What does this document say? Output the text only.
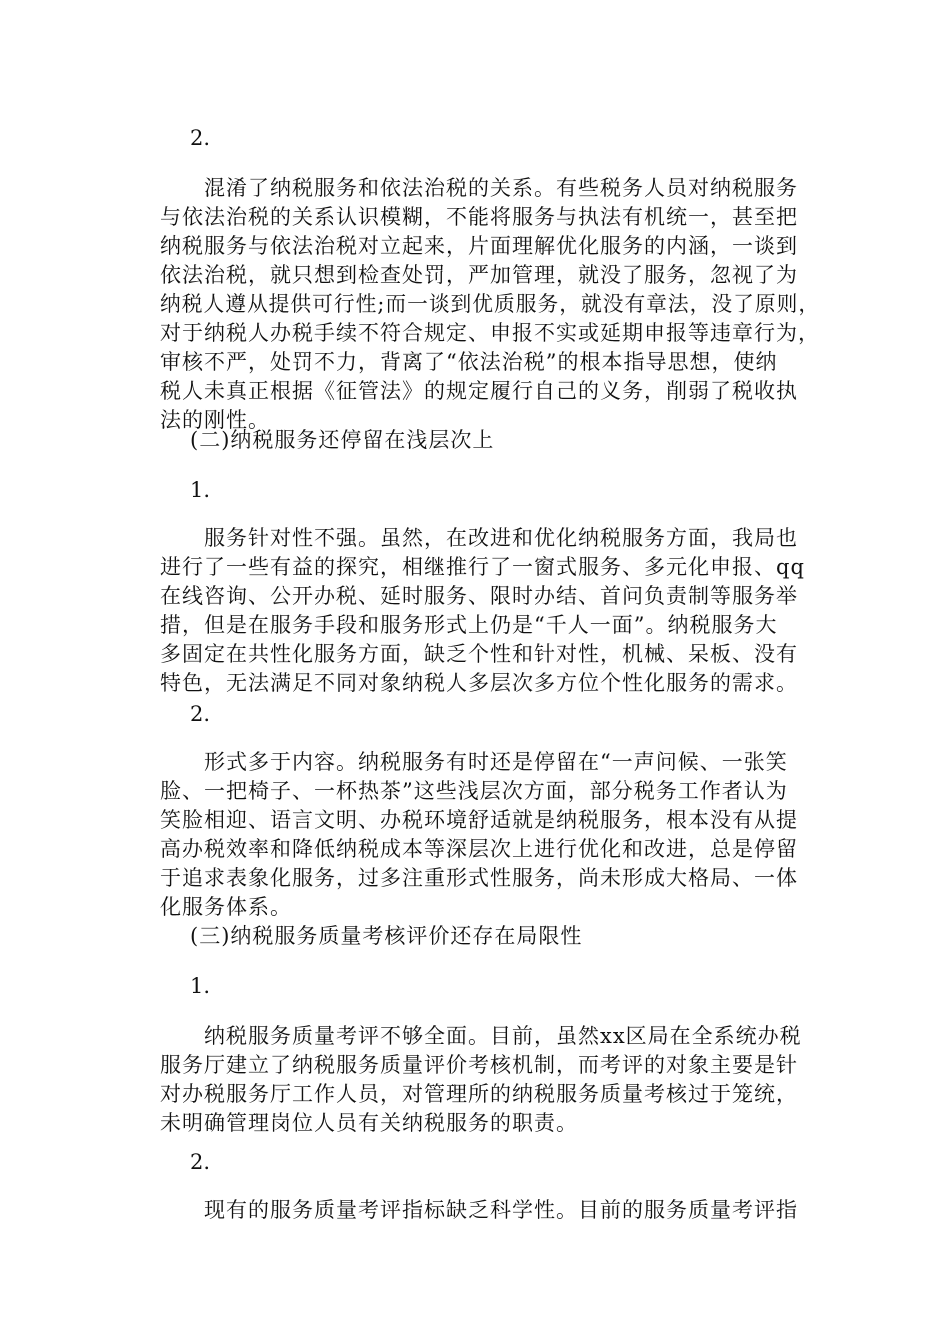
2.
　　混淆了纳税服务和依法治税的关系。有些税务人员对纳税服务
与依法治税的关系认识模糊，不能将服务与执法有机统一，甚至把
纳税服务与依法治税对立起来，片面理解优化服务的内涵，一谈到
依法治税，就只想到检查处罚，严加管理，就没了服务，忽视了为
纳税人遵从提供可行性;而一谈到优质服务，就没有章法，没了原则，
对于纳税人办税手续不符合规定、申报不实或延期申报等违章行为，
审核不严，处罚不力，背离了“依法治税”的根本指导思想，使纳
税人未真正根据《征管法》的规定履行自己的义务，削弱了税收执
法的刚性。
(二)纳税服务还停留在浅层次上
1.
　　服务针对性不强。虽然，在改进和优化纳税服务方面，我局也
进行了一些有益的探究，相继推行了一窗式服务、多元化申报、qq
在线咨询、公开办税、延时服务、限时办结、首问负责制等服务举
措，但是在服务手段和服务形式上仍是“千人一面”。纳税服务大
多固定在共性化服务方面，缺乏个性和针对性，机械、呆板、没有
特色，无法满足不同对象纳税人多层次多方位个性化服务的需求。
2.
　　形式多于内容。纳税服务有时还是停留在“一声问候、一张笑
脸、一把椅子、一杯热茶”这些浅层次方面，部分税务工作者认为
笑脸相迎、语言文明、办税环境舒适就是纳税服务，根本没有从提
高办税效率和降低纳税成本等深层次上进行优化和改进，总是停留
于追求表象化服务，过多注重形式性服务，尚未形成大格局、一体
化服务体系。
(三)纳税服务质量考核评价还存在局限性
1.
　　纳税服务质量考评不够全面。目前，虽然xx区局在全系统办税
服务厅建立了纳税服务质量评价考核机制，而考评的对象主要是针
对办税服务厅工作人员，对管理所的纳税服务质量考核过于笼统，
未明确管理岗位人员有关纳税服务的职责。
2.
　　现有的服务质量考评指标缺乏科学性。目前的服务质量考评指
